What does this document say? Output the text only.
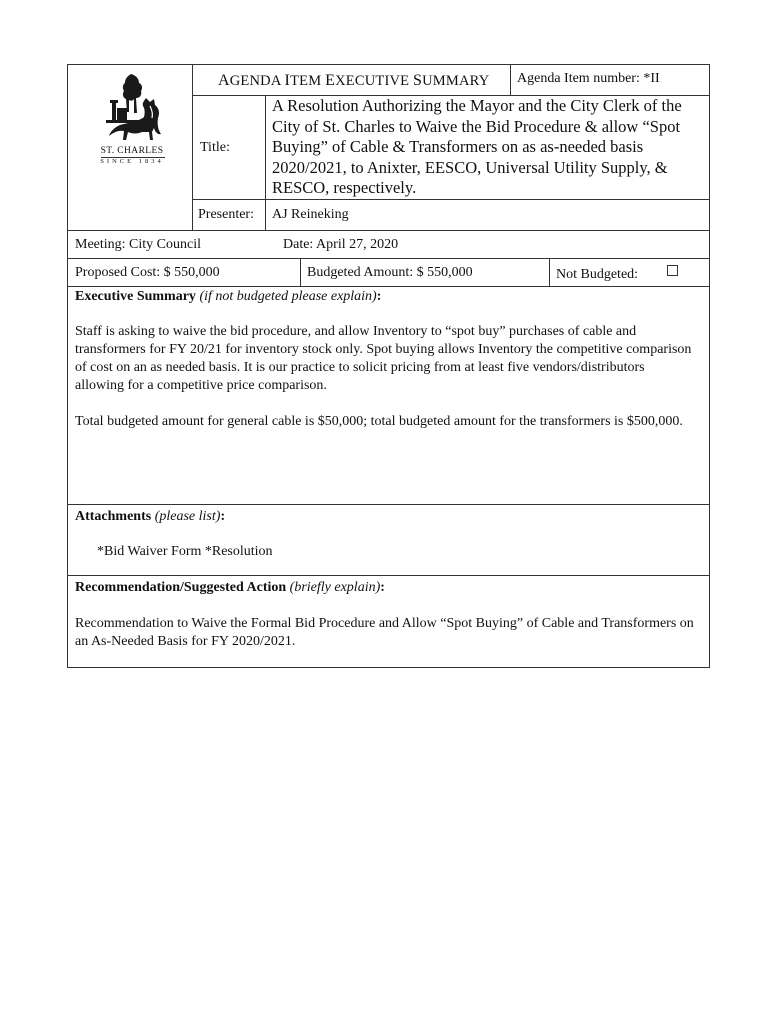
ST. CHARLES
SINCE 1834
AGENDA ITEM EXECUTIVE SUMMARY Agenda Item number: *II
Title:
A Resolution Authorizing the Mayor and the City Clerk of the City of St. Charles to Waive the Bid Procedure & allow “Spot Buying” of Cable & Transformers on as as-needed basis 2020/2021, to Anixter, EESCO, Universal Utility Supply, & RESCO, respectively.
Presenter: AJ Reineking
Meeting: City Council	Date: April 27, 2020
Proposed Cost: $ 550,000	Budgeted Amount: $ 550,000	Not Budgeted:
Executive Summary (if not budgeted please explain):
Staff is asking to waive the bid procedure, and allow Inventory to “spot buy” purchases of cable and transformers for FY 20/21 for inventory stock only. Spot buying allows Inventory the competitive comparison of cost on an as needed basis. It is our practice to solicit pricing from at least five vendors/distributors allowing for a competitive price comparison.
Total budgeted amount for general cable is $50,000; total budgeted amount for the transformers is $500,000.
Attachments (please list):
*Bid Waiver Form *Resolution
Recommendation/Suggested Action (briefly explain):
Recommendation to Waive the Formal Bid Procedure and Allow “Spot Buying” of Cable and Transformers on an As-Needed Basis for FY 2020/2021.
